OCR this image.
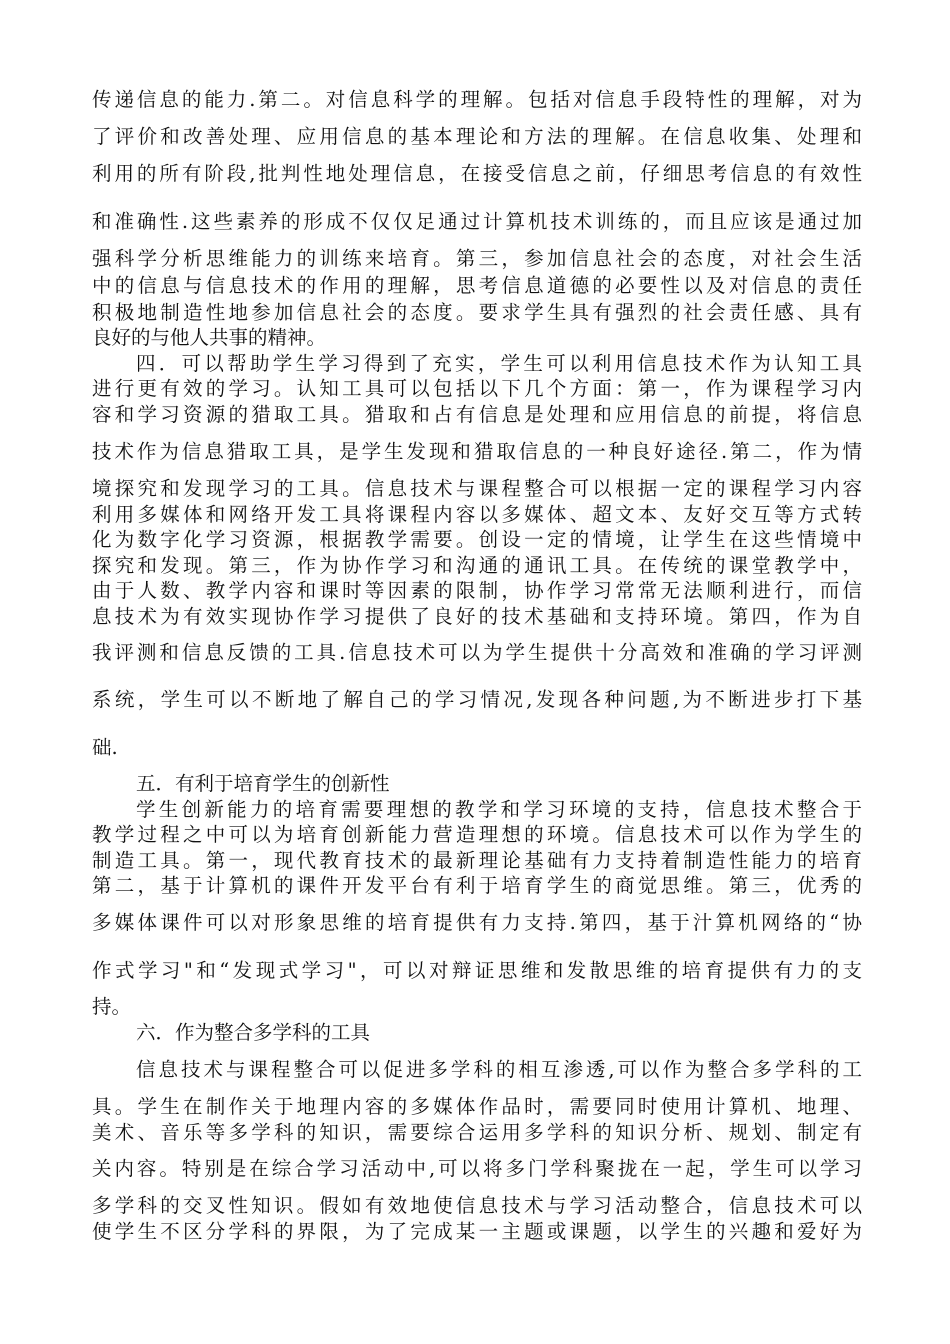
传递信息的能力.第二。对信息科学的理解。包括对信息手段特性的理解，对为
了评价和改善处理、应用信息的基本理论和方法的理解。在信息收集、处理和
利用的所有阶段,批判性地处理信息，在接受信息之前，仔细思考信息的有效性
和准确性.这些素养的形成不仅仅足通过计算机技术训练的，而且应该是通过加
强科学分析思维能力的训练来培育。第三，参加信息社会的态度，对社会生活
中的信息与信息技术的作用的理解，思考信息道德的必要性以及对信息的责任
积极地制造性地参加信息社会的态度。要求学生具有强烈的社会责任感、具有
良好的与他人共事的精神。
四．可以帮助学生学习得到了充实，学生可以利用信息技术作为认知工具
进行更有效的学习。认知工具可以包括以下几个方面：第一，作为课程学习内
容和学习资源的猎取工具。猎取和占有信息是处理和应用信息的前提，将信息
技术作为信息猎取工具，是学生发现和猎取信息的一种良好途径.第二，作为情
境探究和发现学习的工具。信息技术与课程整合可以根据一定的课程学习内容
利用多媒体和网络开发工具将课程内容以多媒体、超文本、友好交互等方式转
化为数字化学习资源，根据教学需要。创设一定的情境，让学生在这些情境中
探究和发现。第三，作为协作学习和沟通的通讯工具。在传统的课堂教学中，
由于人数、教学内容和课时等因素的限制，协作学习常常无法顺利进行，而信
息技术为有效实现协作学习提供了良好的技术基础和支持环境。第四，作为自
我评测和信息反馈的工具.信息技术可以为学生提供十分高效和准确的学习评测
系统，学生可以不断地了解自己的学习情况,发现各种问题,为不断进步打下基
础.
五．有利于培育学生的创新性
学生创新能力的培育需要理想的教学和学习环境的支持，信息技术整合于
教学过程之中可以为培育创新能力营造理想的环境。信息技术可以作为学生的
制造工具。第一，现代教育技术的最新理论基础有力支持着制造性能力的培育
第二，基于计算机的课件开发平台有利于培育学生的商觉思维。第三，优秀的
多媒体课件可以对形象思维的培育提供有力支持.第四，基于汁算机网络的“协
作式学习"和“发现式学习"，可以对辩证思维和发散思维的培育提供有力的支
持。
六．作为整合多学科的工具
信息技术与课程整合可以促进多学科的相互渗透,可以作为整合多学科的工
具。学生在制作关于地理内容的多媒体作品时，需要同时使用计算机、地理、
美术、音乐等多学科的知识，需要综合运用多学科的知识分析、规划、制定有
关内容。特别是在综合学习活动中,可以将多门学科聚拢在一起，学生可以学习
多学科的交叉性知识。假如有效地使信息技术与学习活动整合，信息技术可以
使学生不区分学科的界限，为了完成某一主题或课题，以学生的兴趣和爱好为
